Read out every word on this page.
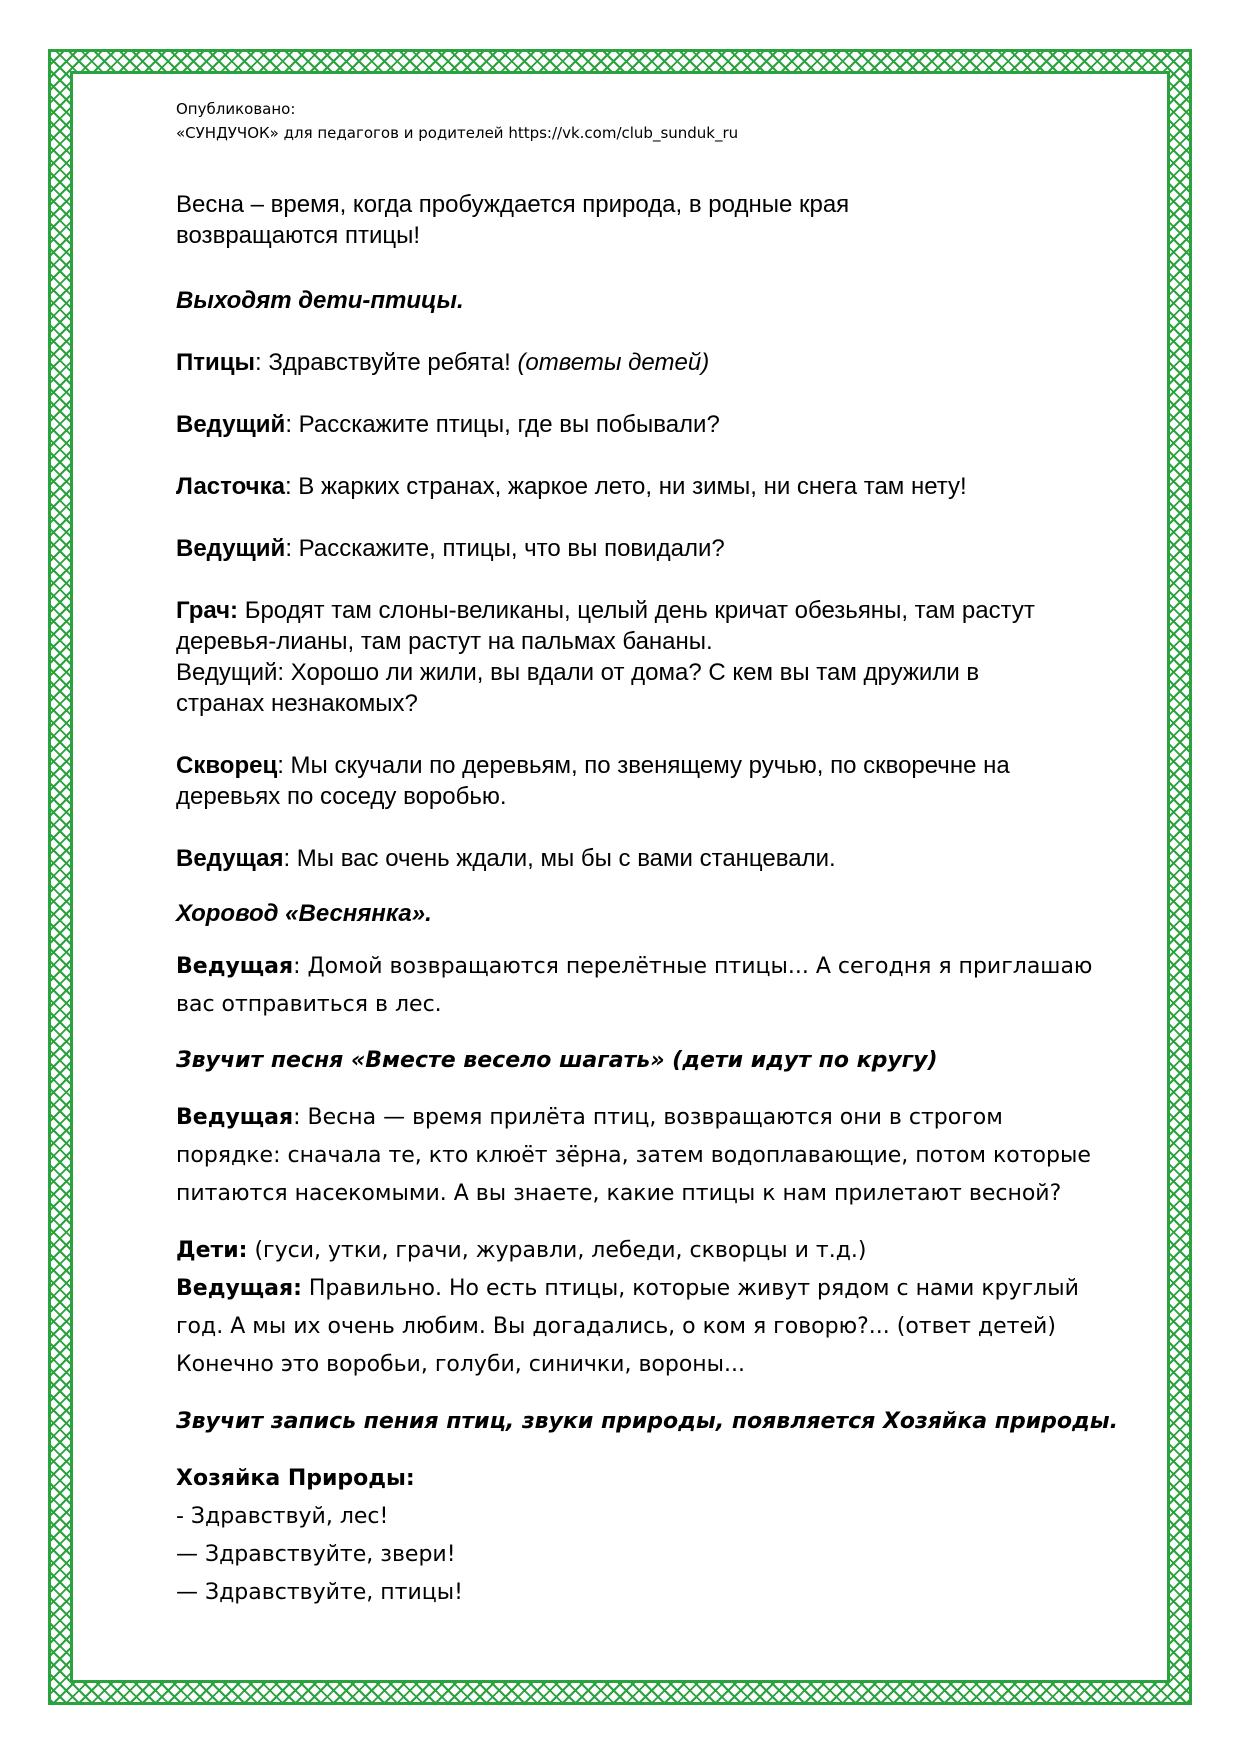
Опубликовано:
«СУНДУЧОК» для педагогов и родителей https://vk.com/club_sunduk_ru
Весна – время, когда пробуждается природа, в родные края
возвращаются птицы!
Выходят дети-птицы.
Птицы: Здравствуйте ребята! (ответы детей)
Ведущий: Расскажите птицы, где вы побывали?
Ласточка: В жарких странах, жаркое лето, ни зимы, ни снега там нету!
Ведущий: Расскажите, птицы, что вы повидали?
Грач: Бродят там слоны-великаны, целый день кричат обезьяны, там растут
деревья-лианы, там растут на пальмах бананы.
Ведущий: Хорошо ли жили, вы вдали от дома? С кем вы там дружили в
странах незнакомых?
Скворец: Мы скучали по деревьям, по звенящему ручью, по скворечне на
деревьях по соседу воробью.
Ведущая: Мы вас очень ждали, мы бы с вами станцевали.
Хоровод «Веснянка».
Ведущая: Домой возвращаются перелётные птицы... А сегодня я приглашаю
вас отправиться в лес.
Звучит песня «Вместе весело шагать» (дети идут по кругу)
Ведущая: Весна — время прилёта птиц, возвращаются они в строгом
порядке: сначала те, кто клюёт зёрна, затем водоплавающие, потом которые
питаются насекомыми. А вы знаете, какие птицы к нам прилетают весной?
Дети: (гуси, утки, грачи, журавли, лебеди, скворцы и т.д.)
Ведущая: Правильно. Но есть птицы, которые живут рядом с нами круглый
год. А мы их очень любим. Вы догадались, о ком я говорю?... (ответ детей)
Конечно это воробьи, голуби, синички, вороны...
Звучит запись пения птиц, звуки природы, появляется Хозяйка природы.
Хозяйка Природы:
- Здравствуй, лес!
— Здравствуйте, звери!
— Здравствуйте, птицы!
